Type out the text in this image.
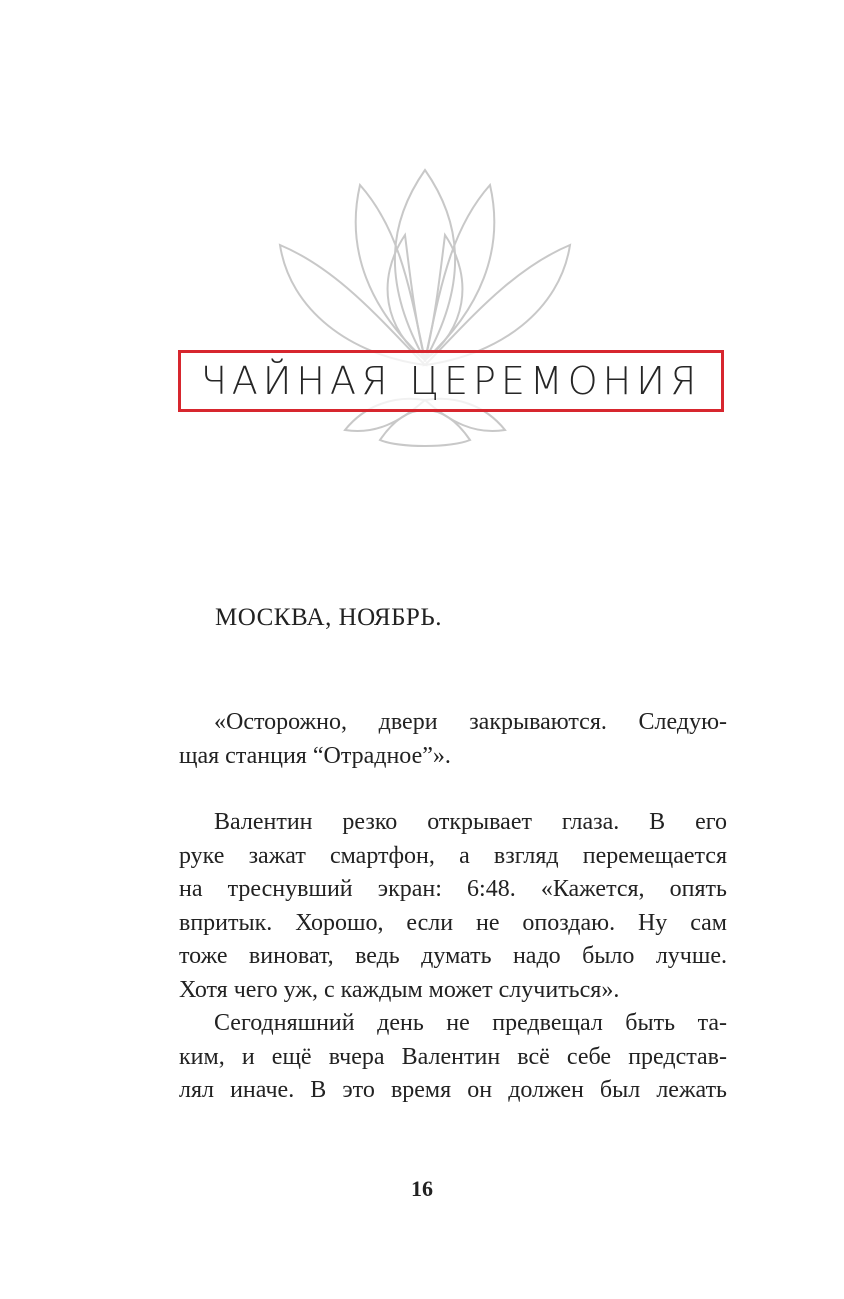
ЧАЙНАЯ ЦЕРЕМОНИЯ
МОСКВА, НОЯБРЬ.

«Осторожно, двери закрываются. Следую-
щая станция “Отрадное”».

Валентин резко открывает глаза. В его
руке зажат смартфон, а взгляд перемещается
на треснувший экран: 6:48. «Кажется, опять
впритык. Хорошо, если не опоздаю. Ну сам
тоже виноват, ведь думать надо было лучше.
Хотя чего уж, с каждым может случиться».

Сегодняшний день не предвещал быть та-
ким, и ещё вчера Валентин всё себе представ-
лял иначе. В это время он должен был лежать

16
